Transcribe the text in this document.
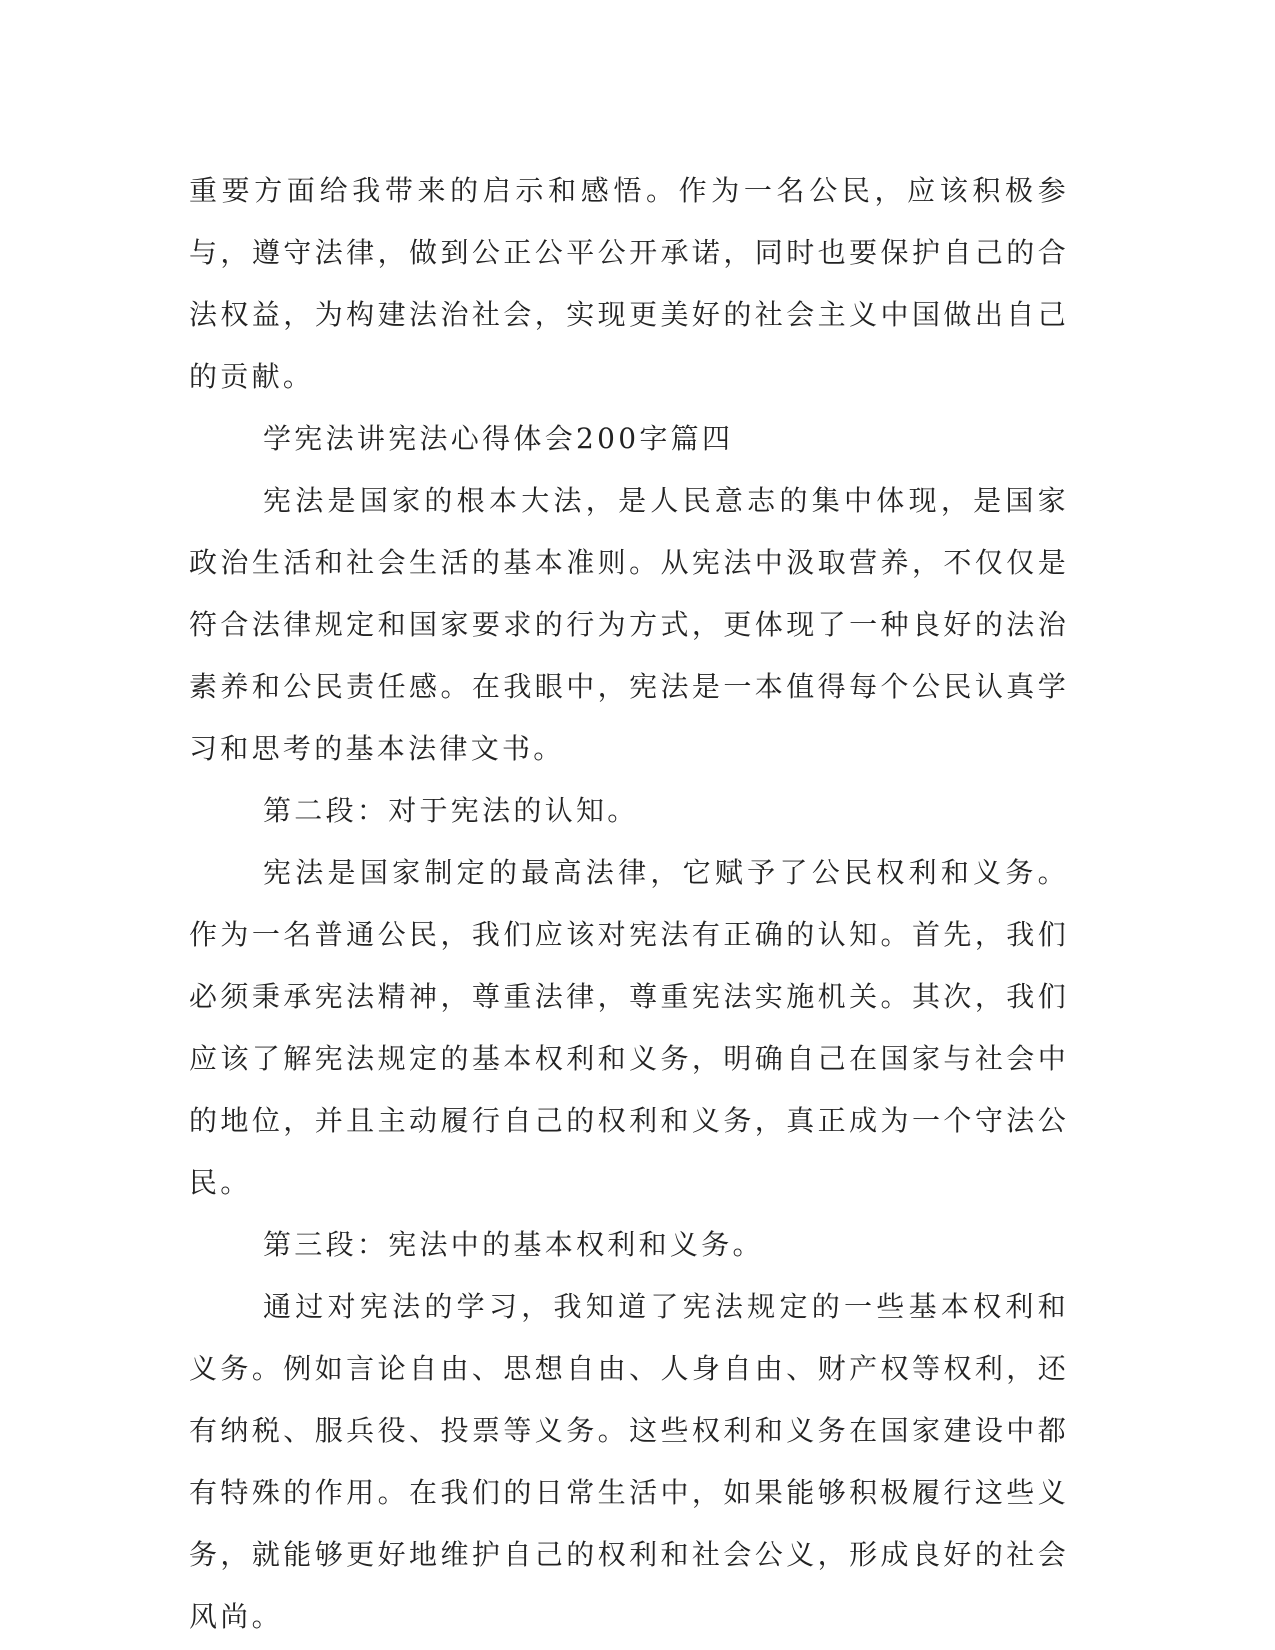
重要方面给我带来的启示和感悟。作为一名公民，应该积极参与，遵守法律，做到公正公平公开承诺，同时也要保护自己的合法权益，为构建法治社会，实现更美好的社会主义中国做出自己的贡献。

学宪法讲宪法心得体会200字篇四

宪法是国家的根本大法，是人民意志的集中体现，是国家政治生活和社会生活的基本准则。从宪法中汲取营养，不仅仅是符合法律规定和国家要求的行为方式，更体现了一种良好的法治素养和公民责任感。在我眼中，宪法是一本值得每个公民认真学习和思考的基本法律文书。

第二段：对于宪法的认知。

宪法是国家制定的最高法律，它赋予了公民权利和义务。作为一名普通公民，我们应该对宪法有正确的认知。首先，我们必须秉承宪法精神，尊重法律，尊重宪法实施机关。其次，我们应该了解宪法规定的基本权利和义务，明确自己在国家与社会中的地位，并且主动履行自己的权利和义务，真正成为一个守法公民。

第三段：宪法中的基本权利和义务。

通过对宪法的学习，我知道了宪法规定的一些基本权利和义务。例如言论自由、思想自由、人身自由、财产权等权利，还有纳税、服兵役、投票等义务。这些权利和义务在国家建设中都有特殊的作用。在我们的日常生活中，如果能够积极履行这些义务，就能够更好地维护自己的权利和社会公义，形成良好的社会风尚。
